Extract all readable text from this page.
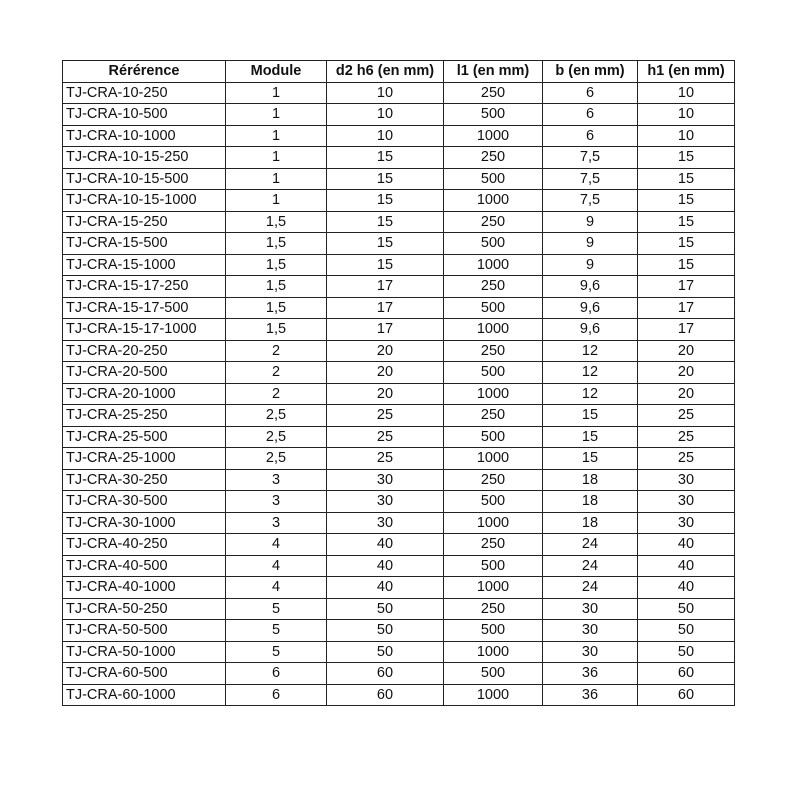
Rérérence	Module	d2 h6 (en mm)	l1 (en mm)	b (en mm)	h1 (en mm)
TJ-CRA-10-250	1	10	250	6	10
TJ-CRA-10-500	1	10	500	6	10
TJ-CRA-10-1000	1	10	1000	6	10
TJ-CRA-10-15-250	1	15	250	7,5	15
TJ-CRA-10-15-500	1	15	500	7,5	15
TJ-CRA-10-15-1000	1	15	1000	7,5	15
TJ-CRA-15-250	1,5	15	250	9	15
TJ-CRA-15-500	1,5	15	500	9	15
TJ-CRA-15-1000	1,5	15	1000	9	15
TJ-CRA-15-17-250	1,5	17	250	9,6	17
TJ-CRA-15-17-500	1,5	17	500	9,6	17
TJ-CRA-15-17-1000	1,5	17	1000	9,6	17
TJ-CRA-20-250	2	20	250	12	20
TJ-CRA-20-500	2	20	500	12	20
TJ-CRA-20-1000	2	20	1000	12	20
TJ-CRA-25-250	2,5	25	250	15	25
TJ-CRA-25-500	2,5	25	500	15	25
TJ-CRA-25-1000	2,5	25	1000	15	25
TJ-CRA-30-250	3	30	250	18	30
TJ-CRA-30-500	3	30	500	18	30
TJ-CRA-30-1000	3	30	1000	18	30
TJ-CRA-40-250	4	40	250	24	40
TJ-CRA-40-500	4	40	500	24	40
TJ-CRA-40-1000	4	40	1000	24	40
TJ-CRA-50-250	5	50	250	30	50
TJ-CRA-50-500	5	50	500	30	50
TJ-CRA-50-1000	5	50	1000	30	50
TJ-CRA-60-500	6	60	500	36	60
TJ-CRA-60-1000	6	60	1000	36	60
